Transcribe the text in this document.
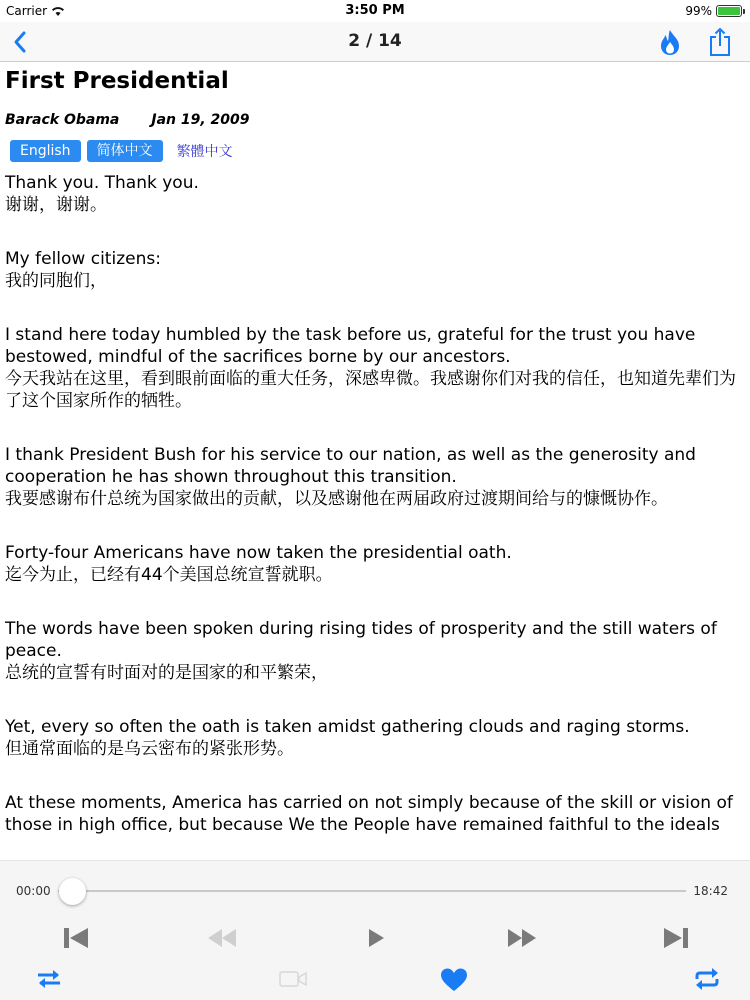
Carrier	3:50 PM	99%
2 / 14
First Presidential
Barack Obama Jan 19, 2009
English	简体中文	繁體中文
Thank you. Thank you.
谢谢，谢谢。
My fellow citizens:
我的同胞们，
I stand here today humbled by the task before us, grateful for the trust you have bestowed, mindful of the sacrifices borne by our ancestors.
今天我站在这里，看到眼前面临的重大任务，深感卑微。我感谢你们对我的信任，也知道先辈们为了这个国家所作的牺牲。
I thank President Bush for his service to our nation, as well as the generosity and cooperation he has shown throughout this transition.
我要感谢布什总统为国家做出的贡献，以及感谢他在两届政府过渡期间给与的慷慨协作。
Forty-four Americans have now taken the presidential oath.
迄今为止，已经有44个美国总统宣誓就职。
The words have been spoken during rising tides of prosperity and the still waters of peace.
总统的宣誓有时面对的是国家的和平繁荣，
Yet, every so often the oath is taken amidst gathering clouds and raging storms.
但通常面临的是乌云密布的紧张形势。
At these moments, America has carried on not simply because of the skill or vision of those in high office, but because We the People have remained faithful to the ideals
00:00	18:42
